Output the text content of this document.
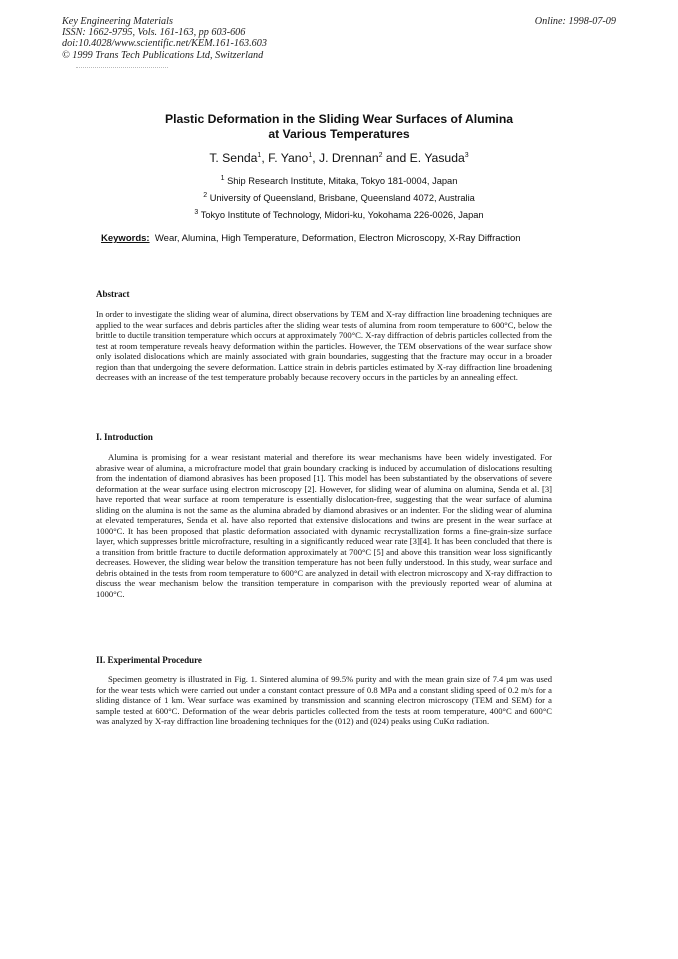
Key Engineering Materials
ISSN: 1662-9795, Vols. 161-163, pp 603-606
doi:10.4028/www.scientific.net/KEM.161-163.603
© 1999 Trans Tech Publications Ltd, Switzerland
Online: 1998-07-09
Plastic Deformation in the Sliding Wear Surfaces of Alumina
at Various Temperatures
T. Senda$^1$, F. Yano$^1$, J. Drennan$^2$ and E. Yasuda$^3$
$^1$ Ship Research Institute, Mitaka, Tokyo 181-0004, Japan
$^2$ University of Queensland, Brisbane, Queensland 4072, Australia
$^3$ Tokyo Institute of Technology, Midori-ku, Yokohama 226-0026, Japan
Keywords: Wear, Alumina, High Temperature, Deformation, Electron Microscopy, X-Ray Diffraction
Abstract
In order to investigate the sliding wear of alumina, direct observations by TEM and X-ray diffraction line broadening techniques are applied to the wear surfaces and debris particles after the sliding wear tests of alumina from room temperature to 600°C, below the brittle to ductile transition temperature which occurs at approximately 700°C. X-ray diffraction of debris particles collected from the test at room temperature reveals heavy deformation within the particles. However, the TEM observations of the wear surface show only isolated dislocations which are mainly associated with grain boundaries, suggesting that the fracture may occur in a broader region than that undergoing the severe deformation. Lattice strain in debris particles estimated by X-ray diffraction line broadening decreases with an increase of the test temperature probably because recovery occurs in the particles by an annealing effect.
I. Introduction
Alumina is promising for a wear resistant material and therefore its wear mechanisms have been widely investigated. For abrasive wear of alumina, a microfracture model that grain boundary cracking is induced by accumulation of dislocations resulting from the indentation of diamond abrasives has been proposed [1]. This model has been substantiated by the observations of severe deformation at the wear surface using electron microscopy [2]. However, for sliding wear of alumina on alumina, Senda et al. [3] have reported that wear surface at room temperature is essentially dislocation-free, suggesting that the wear surface of alumina sliding on the alumina is not the same as the alumina abraded by diamond abrasives or an indenter. For the sliding wear of alumina at elevated temperatures, Senda et al. have also reported that extensive dislocations and twins are present in the wear surface at 1000°C. It has been proposed that plastic deformation associated with dynamic recrystallization forms a fine-grain-size surface layer, which suppresses brittle microfracture, resulting in a significantly reduced wear rate [3][4]. It has been concluded that there is a transition from brittle fracture to ductile deformation approximately at 700°C [5] and above this transition wear loss significantly decreases. However, the sliding wear below the transition temperature has not been fully understood. In this study, wear surface and debris obtained in the tests from room temperature to 600°C are analyzed in detail with electron microscopy and X-ray diffraction to discuss the wear mechanism below the transition temperature in comparison with the previously reported wear of alumina at 1000°C.
II. Experimental Procedure
Specimen geometry is illustrated in Fig. 1. Sintered alumina of 99.5% purity and with the mean grain size of 7.4 µm was used for the wear tests which were carried out under a constant contact pressure of 0.8 MPa and a constant sliding speed of 0.2 m/s for a sliding distance of 1 km. Wear surface was examined by transmission and scanning electron microscopy (TEM and SEM) for a sample tested at 600°C. Deformation of the wear debris particles collected from the tests at room temperature, 400°C and 600°C was analyzed by X-ray diffraction line broadening techniques for the (012) and (024) peaks using CuKα radiation.
